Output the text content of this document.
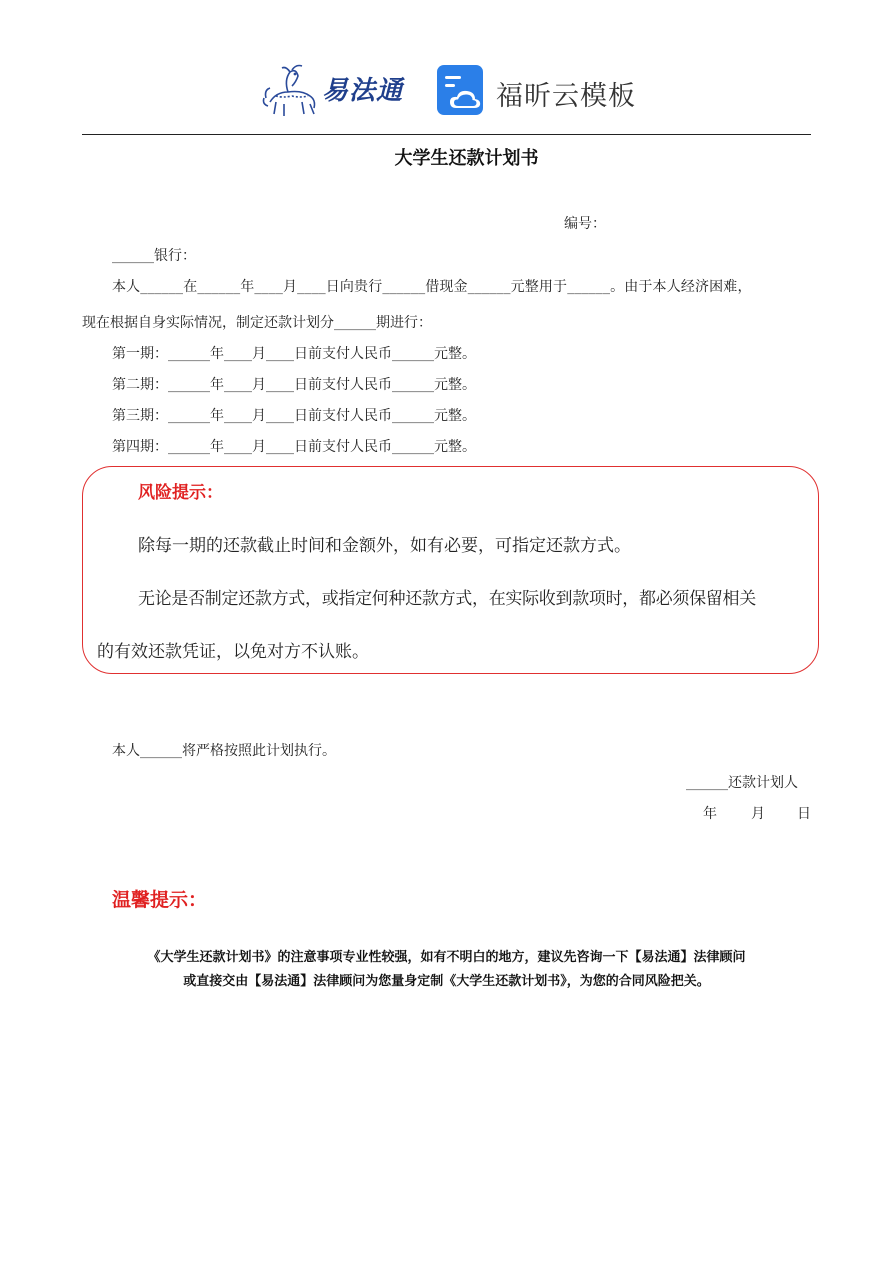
易法通	福昕云模板
大学生还款计划书
编号：
______银行：
本人______在______年____月____日向贵行______借现金______元整用于______。由于本人经济困难，
现在根据自身实际情况，制定还款计划分______期进行：
第一期：______年____月____日前支付人民币______元整。
第二期：______年____月____日前支付人民币______元整。
第三期：______年____月____日前支付人民币______元整。
第四期：______年____月____日前支付人民币______元整。
风险提示：
除每一期的还款截止时间和金额外，如有必要，可指定还款方式。
无论是否制定还款方式，或指定何种还款方式，在实际收到款项时，都必须保留相关
的有效还款凭证，以免对方不认账。
本人______将严格按照此计划执行。
______还款计划人
年 月 日
温馨提示：
《大学生还款计划书》的注意事项专业性较强，如有不明白的地方，建议先咨询一下【易法通】法律顾问
或直接交由【易法通】法律顾问为您量身定制《大学生还款计划书》，为您的合同风险把关。
